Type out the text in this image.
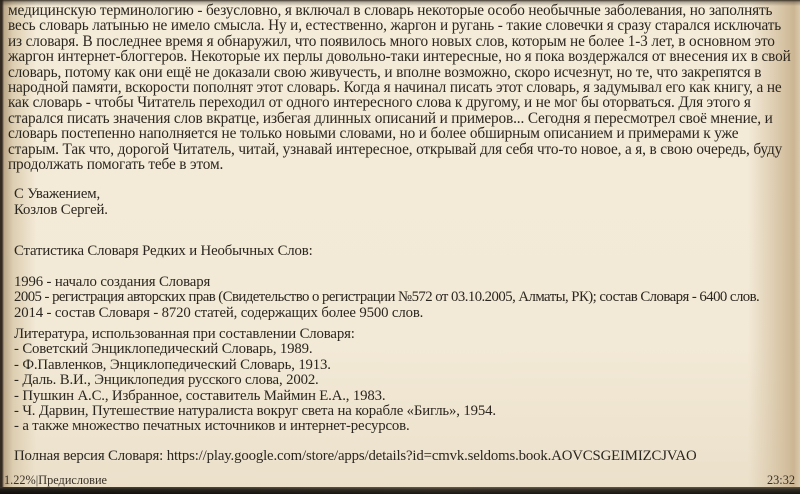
медицинскую терминологию - безусловно, я включал в словарь некоторые особо необычные заболевания, но заполнять весь словарь латынью не имело смысла. Ну и, естественно, жаргон и ругань - такие словечки я сразу старался исключать из словаря. В последнее время я обнаружил, что появилось много новых слов, которым не более 1-3 лет, в основном это жаргон интернет-блоггеров. Некоторые их перлы довольно-таки интересные, но я пока воздержался от внесения их в свой словарь, потому как они ещё не доказали свою живучесть, и вполне возможно, скоро исчезнут, но те, что закрепятся в народной памяти, вскорости пополнят этот словарь. Когда я начинал писать этот словарь, я задумывал его как книгу, а не как словарь - чтобы Читатель переходил от одного интересного слова к другому, и не мог бы оторваться. Для этого я старался писать значения слов вкратце, избегая длинных описаний и примеров... Сегодня я пересмотрел своё мнение, и словарь постепенно наполняется не только новыми словами, но и более обширным описанием и примерами к уже старым. Так что, дорогой Читатель, читай, узнавай интересное, открывай для себя что-то новое, а я, в свою очередь, буду продолжать помогать тебе в этом.

С Уважением,
Козлов Сергей.
Статистика Словаря Редких и Необычных Слов:
1996 - начало создания Словаря
2005 - регистрация авторских прав (Свидетельство о регистрации №572 от 03.10.2005, Алматы, РК); состав Словаря - 6400 слов.
2014 - состав Словаря - 8720 статей, содержащих более 9500 слов.
Литература, использованная при составлении Словаря:
- Советский Энциклопедический Словарь, 1989.
- Ф.Павленков, Энциклопедический Словарь, 1913.
- Даль. В.И., Энциклопедия русского слова, 2002.
- Пушкин А.С., Избранное, составитель Маймин Е.А., 1983.
- Ч. Дарвин, Путешествие натуралиста вокруг света на корабле «Бигль», 1954.
- а также множество печатных источников и интернет-ресурсов.
Полная версия Словаря: https://play.google.com/store/apps/details?id=cmvk.seldoms.book.AOVCSGEIMIZCJVAO
1.22%|Предисловие	23:32
